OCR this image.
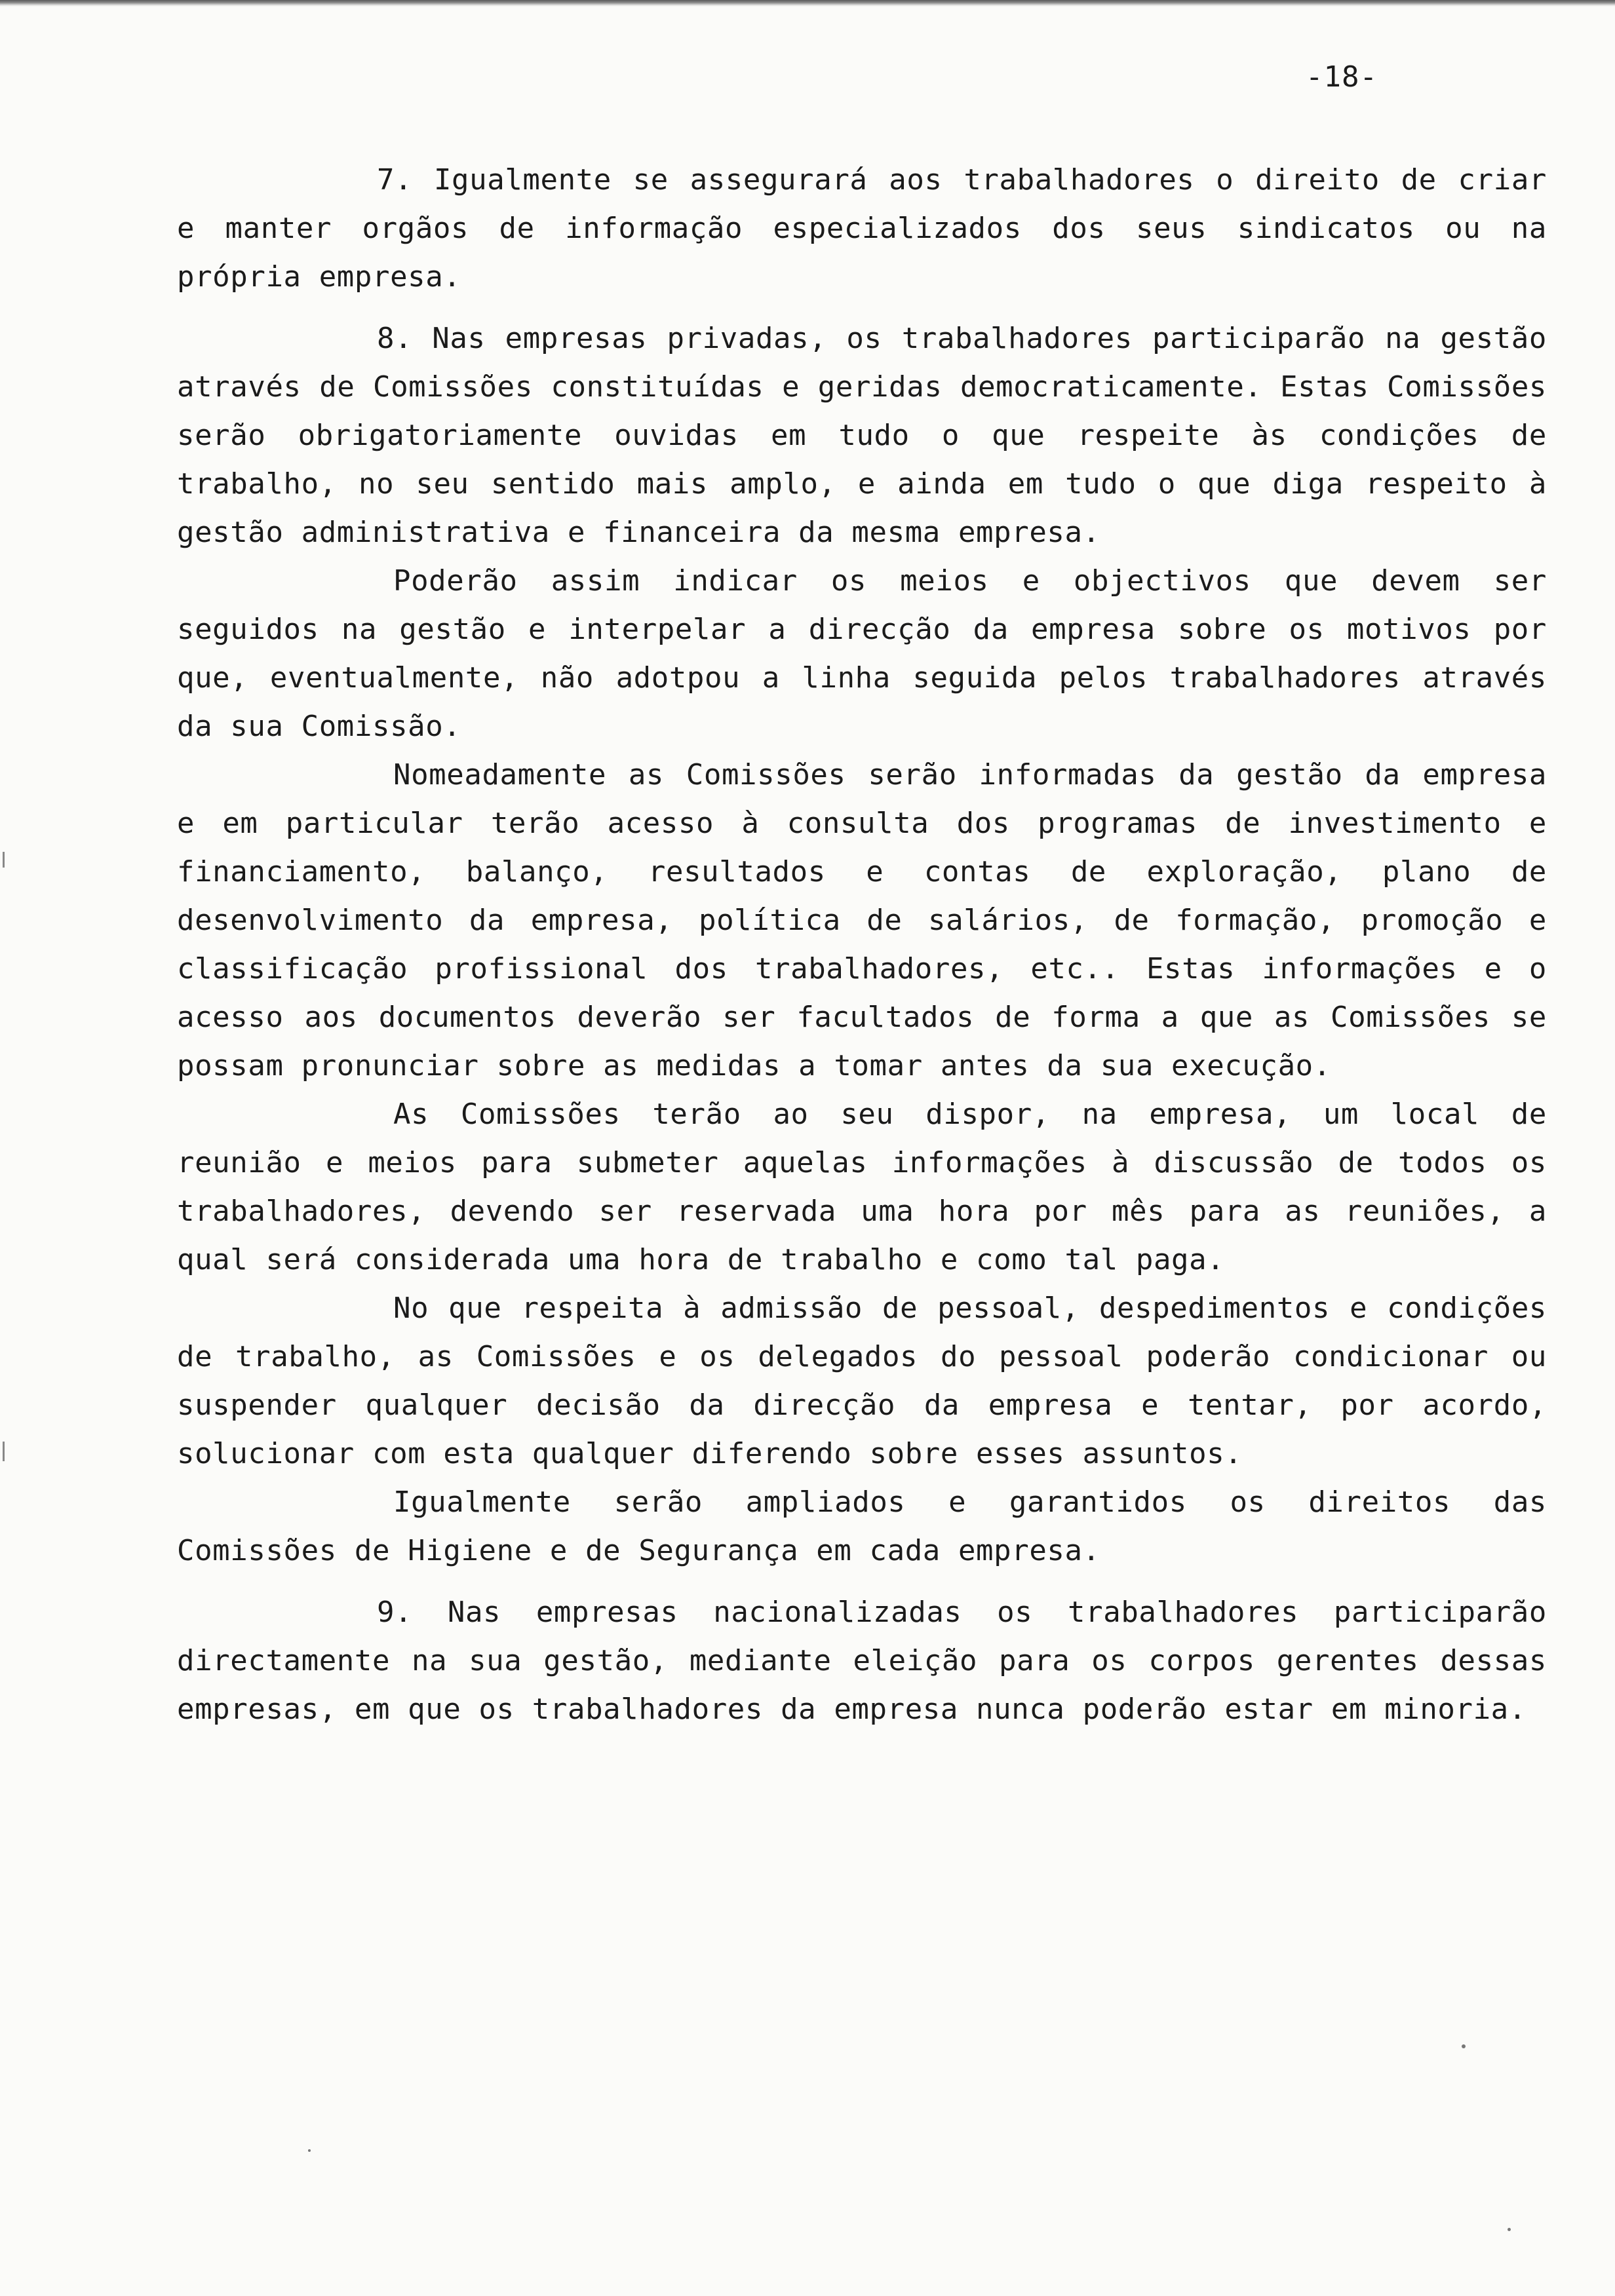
-18-

7. Igualmente se assegurará aos trabalhadores o direito de criar e manter orgãos de informação especializados dos seus sindicatos ou na própria empresa.

8. Nas empresas privadas, os trabalhadores participarão na gestão através de Comissões constituídas e geridas democraticamente. Estas Comissões serão obrigatoriamente ouvidas em tudo o que respeite às condições de trabalho, no seu sentido mais amplo, e ainda em tudo o que diga respeito à gestão administrativa e financeira da mesma empresa.

Poderão assim indicar os meios e objectivos que devem ser seguidos na gestão e interpelar a direcção da empresa sobre os motivos por que, eventualmente, não adotpou a linha seguida pelos trabalhadores através da sua Comissão.

Nomeadamente as Comissões serão informadas da gestão da empresa e em particular terão acesso à consulta dos programas de investimento e financiamento, balanço, resultados e contas de exploração, plano de desenvolvimento da empresa, política de salários, de formação, promoção e classificação profissional dos trabalhadores, etc.. Estas informações e o acesso aos documentos deverão ser facultados de forma a que as Comissões se possam pronunciar sobre as medidas a tomar antes da sua execução.

As Comissões terão ao seu dispor, na empresa, um local de reunião e meios para submeter aquelas informações à discussão de todos os trabalhadores, devendo ser reservada uma hora por mês para as reuniões, a qual será considerada uma hora de trabalho e como tal paga.

No que respeita à admissão de pessoal, despedimentos e condições de trabalho, as Comissões e os delegados do pessoal poderão condicionar ou suspender qualquer decisão da direcção da empresa e tentar, por acordo, solucionar com esta qualquer diferendo sobre esses assuntos.

Igualmente serão ampliados e garantidos os direitos das Comissões de Higiene e de Segurança em cada empresa.

9. Nas empresas nacionalizadas os trabalhadores participarão directamente na sua gestão, mediante eleição para os corpos gerentes dessas empresas, em que os trabalhadores da empresa nunca poderão estar em minoria.
